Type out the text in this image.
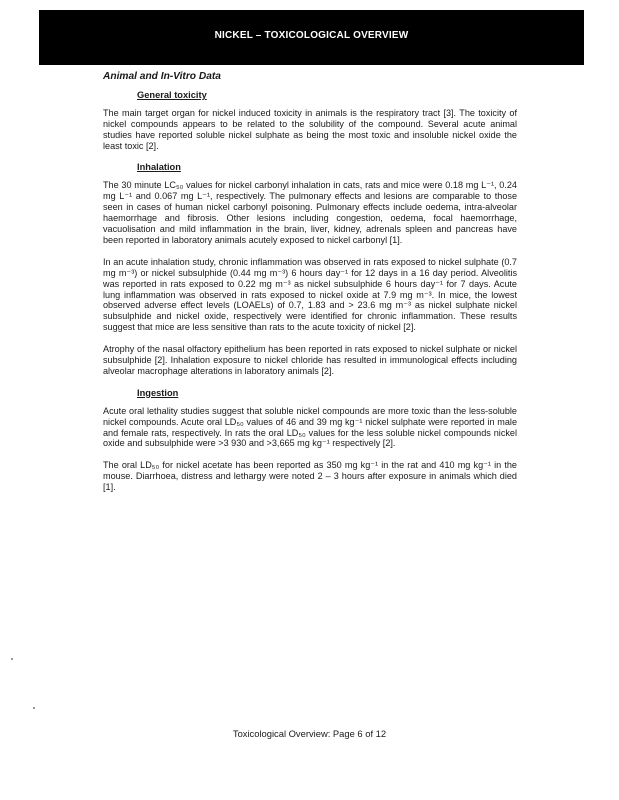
NICKEL – TOXICOLOGICAL OVERVIEW
Animal and In-Vitro Data
General toxicity

The main target organ for nickel induced toxicity in animals is the respiratory tract [3]. The toxicity of nickel compounds appears to be related to the solubility of the compound. Several acute animal studies have reported soluble nickel sulphate as being the most toxic and insoluble nickel oxide the least toxic [2].

Inhalation

The 30 minute LC₅₀ values for nickel carbonyl inhalation in cats, rats and mice were 0.18 mg L⁻¹, 0.24 mg L⁻¹ and 0.067 mg L⁻¹, respectively. The pulmonary effects and lesions are comparable to those seen in cases of human nickel carbonyl poisoning. Pulmonary effects include oedema, intra-alveolar haemorrhage and fibrosis. Other lesions including congestion, oedema, focal haemorrhage, vacuolisation and mild inflammation in the brain, liver, kidney, adrenals spleen and pancreas have been reported in laboratory animals acutely exposed to nickel carbonyl [1].

In an acute inhalation study, chronic inflammation was observed in rats exposed to nickel sulphate (0.7 mg m⁻³) or nickel subsulphide (0.44 mg m⁻³) 6 hours day⁻¹ for 12 days in a 16 day period. Alveolitis was reported in rats exposed to 0.22 mg m⁻³ as nickel subsulphide 6 hours day⁻¹ for 7 days. Acute lung inflammation was observed in rats exposed to nickel oxide at 7.9 mg m⁻³. In mice, the lowest observed adverse effect levels (LOAELs) of 0.7, 1.83 and > 23.6 mg m⁻³ as nickel sulphate nickel subsulphide and nickel oxide, respectively were identified for chronic inflammation. These results suggest that mice are less sensitive than rats to the acute toxicity of nickel [2].

Atrophy of the nasal olfactory epithelium has been reported in rats exposed to nickel sulphate or nickel subsulphide [2]. Inhalation exposure to nickel chloride has resulted in immunological effects including alveolar macrophage alterations in laboratory animals [2].

Ingestion

Acute oral lethality studies suggest that soluble nickel compounds are more toxic than the less-soluble nickel compounds. Acute oral LD₅₀ values of 46 and 39 mg kg⁻¹ nickel sulphate were reported in male and female rats, respectively. In rats the oral LD₅₀ values for the less soluble nickel compounds nickel oxide and subsulphide were >3 930 and >3,665 mg kg⁻¹ respectively [2].

The oral LD₅₀ for nickel acetate has been reported as 350 mg kg⁻¹ in the rat and 410 mg kg⁻¹ in the mouse. Diarrhoea, distress and lethargy were noted 2 – 3 hours after exposure in animals which died [1].

Toxicological Overview: Page 6 of 12
